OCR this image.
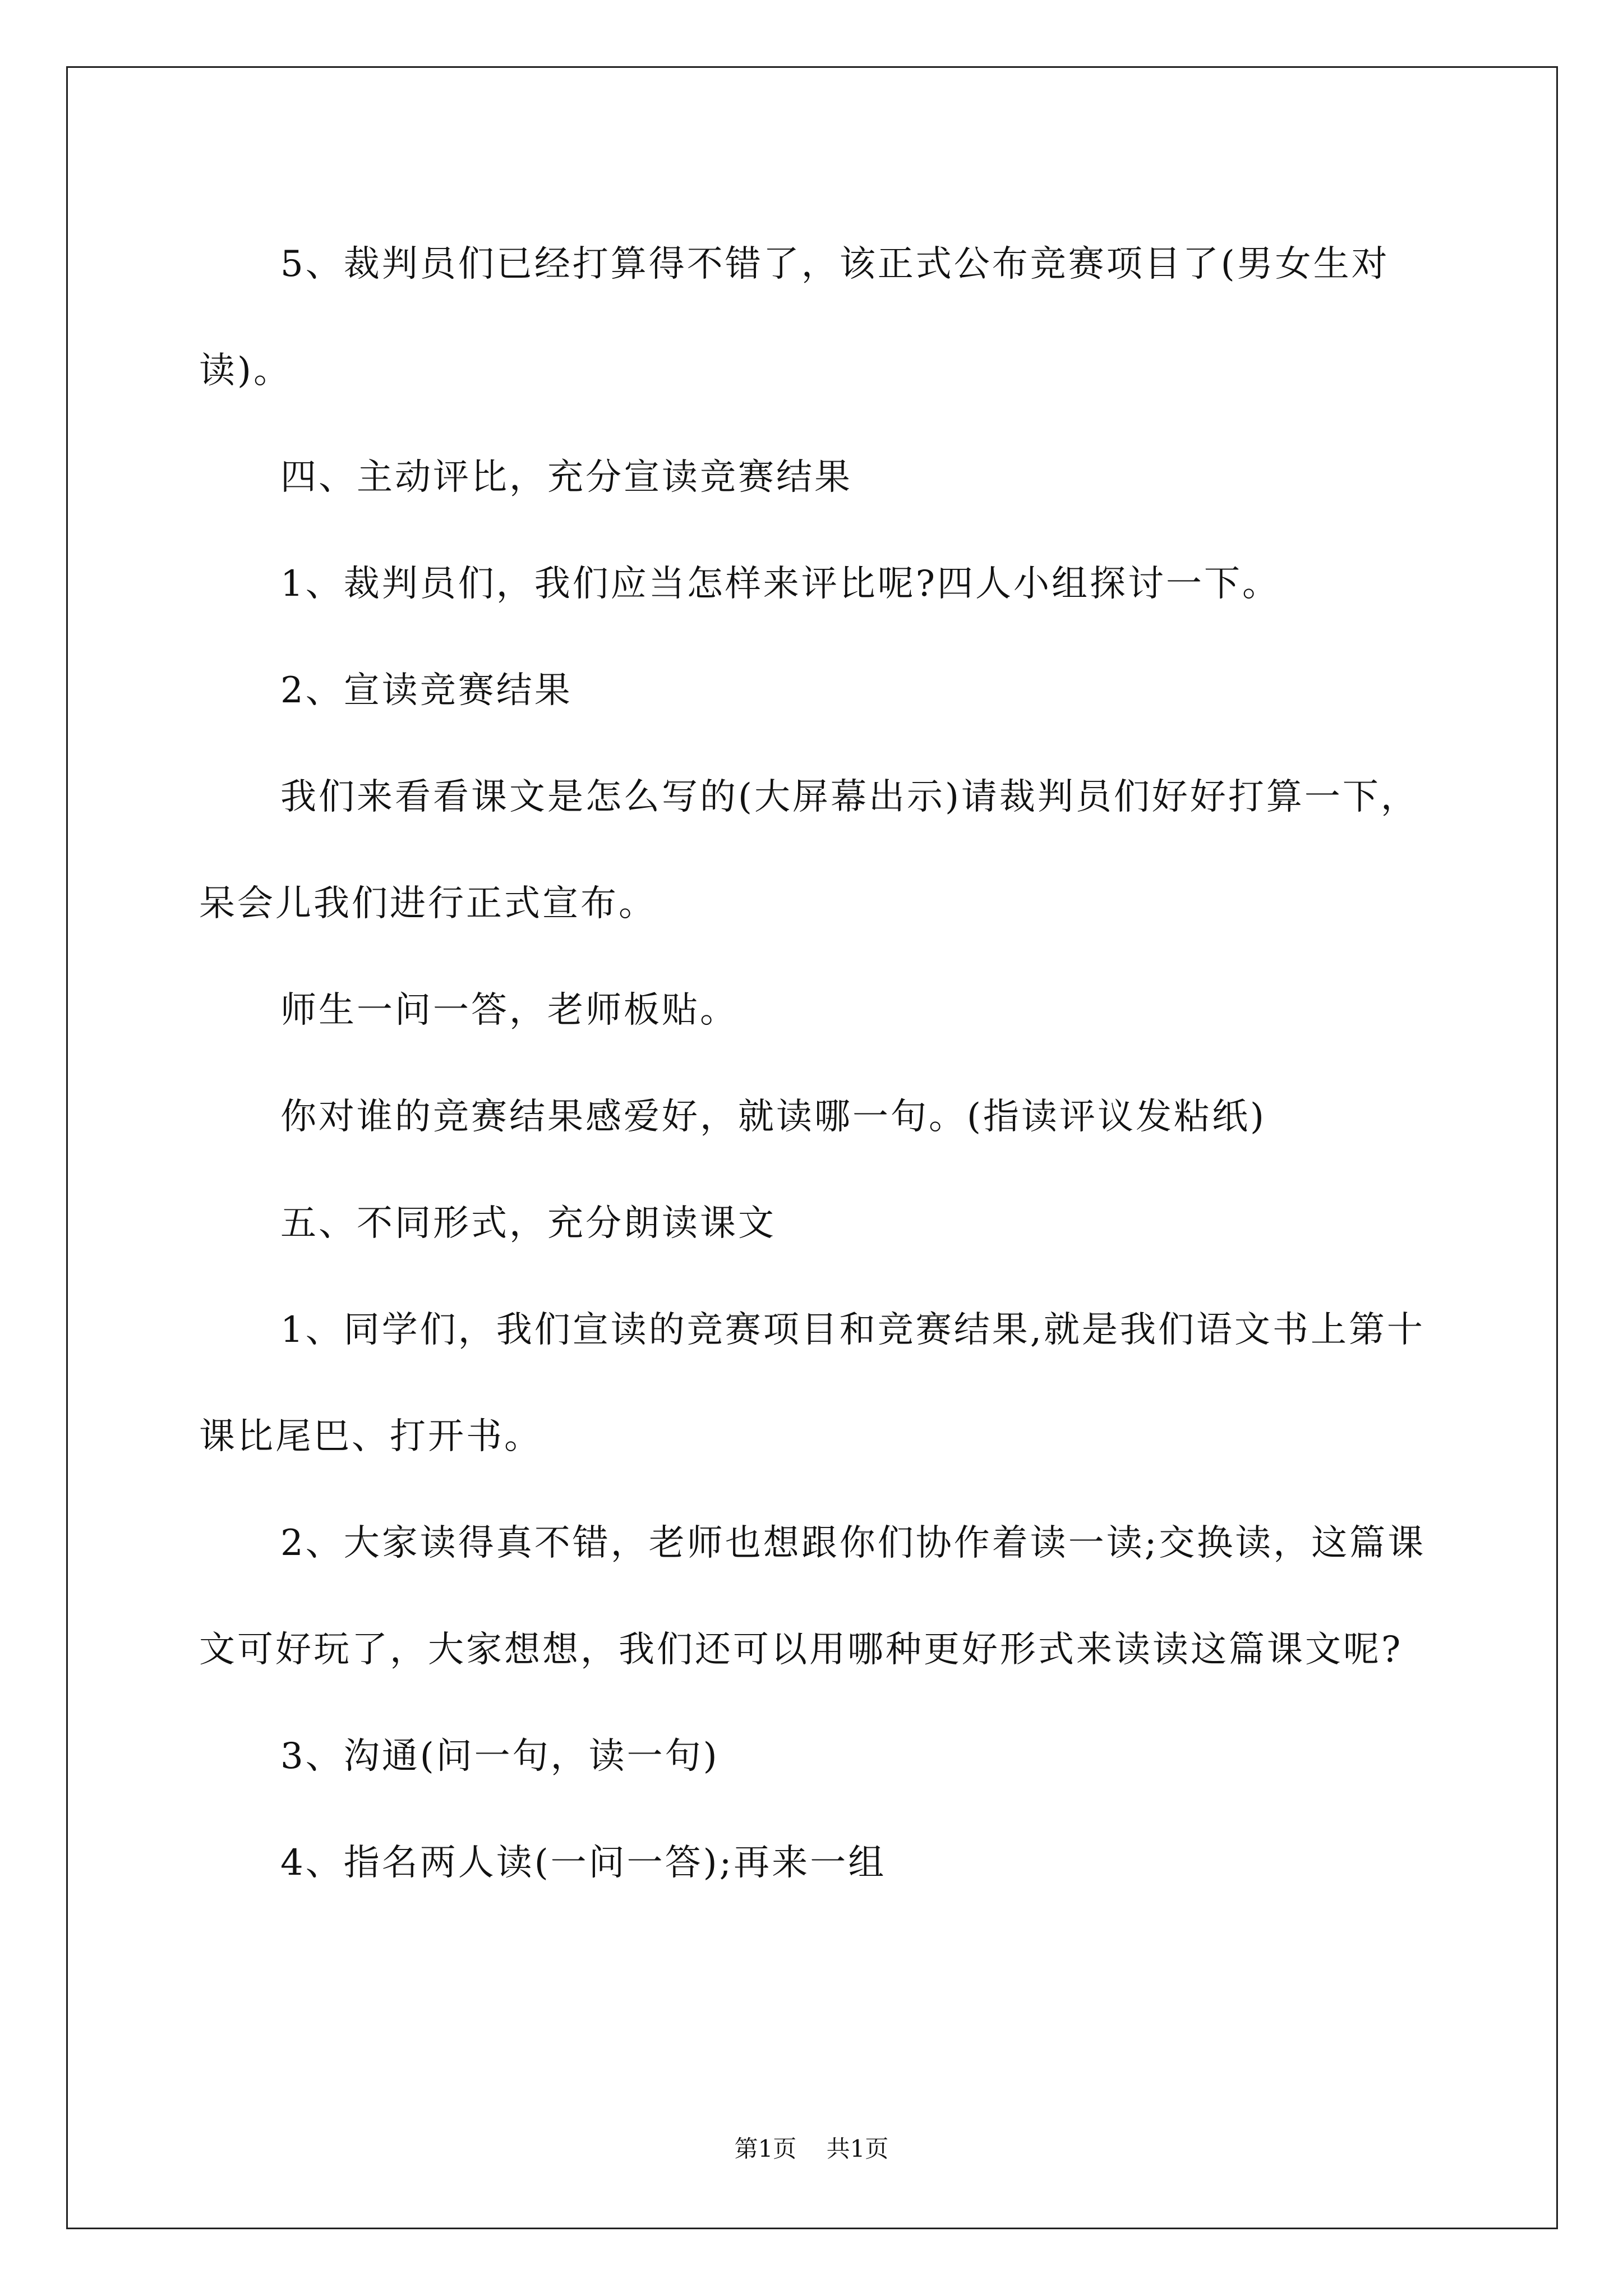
5、裁判员们已经打算得不错了，该正式公布竞赛项目了(男女生对读)。

四、主动评比，充分宣读竞赛结果

1、裁判员们，我们应当怎样来评比呢?四人小组探讨一下。

2、宣读竞赛结果

我们来看看课文是怎么写的(大屏幕出示)请裁判员们好好打算一下，呆会儿我们进行正式宣布。

师生一问一答，老师板贴。

你对谁的竞赛结果感爱好，就读哪一句。(指读评议发粘纸)

五、不同形式，充分朗读课文

1、同学们，我们宣读的竞赛项目和竞赛结果,就是我们语文书上第十课比尾巴、打开书。

2、大家读得真不错，老师也想跟你们协作着读一读;交换读，这篇课文可好玩了，大家想想，我们还可以用哪种更好形式来读读这篇课文呢?

3、沟通(问一句，读一句)

4、指名两人读(一问一答);再来一组

第1页 共1页
